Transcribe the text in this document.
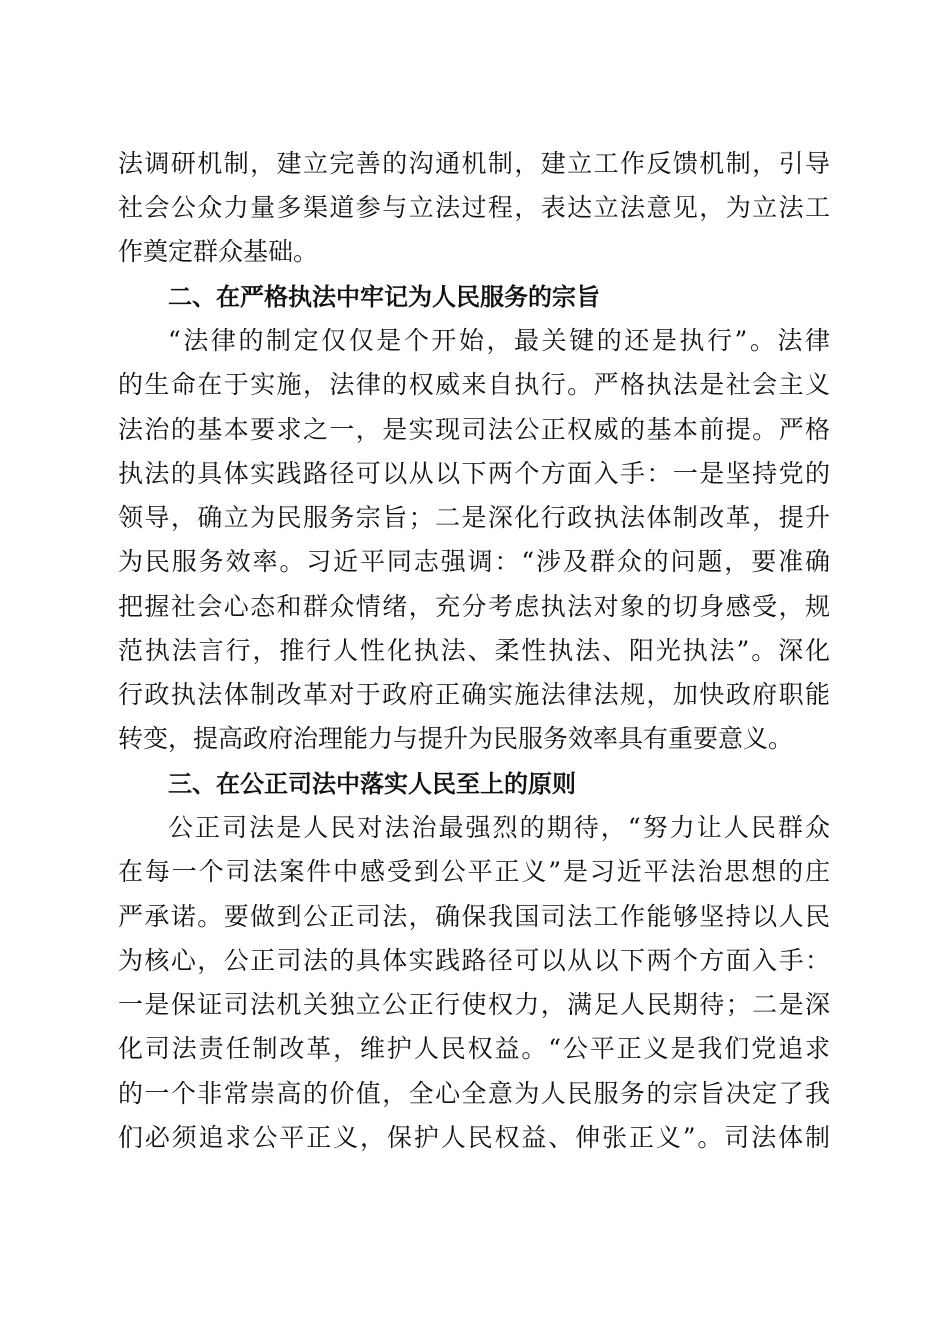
法调研机制，建立完善的沟通机制，建立工作反馈机制，引导
社会公众力量多渠道参与立法过程，表达立法意见，为立法工
作奠定群众基础。
二、在严格执法中牢记为人民服务的宗旨
“法律的制定仅仅是个开始，最关键的还是执行”。法律
的生命在于实施，法律的权威来自执行。严格执法是社会主义
法治的基本要求之一，是实现司法公正权威的基本前提。严格
执法的具体实践路径可以从以下两个方面入手：一是坚持党的
领导，确立为民服务宗旨；二是深化行政执法体制改革，提升
为民服务效率。习近平同志强调：“涉及群众的问题，要准确
把握社会心态和群众情绪，充分考虑执法对象的切身感受，规
范执法言行，推行人性化执法、柔性执法、阳光执法”。深化
行政执法体制改革对于政府正确实施法律法规，加快政府职能
转变，提高政府治理能力与提升为民服务效率具有重要意义。
三、在公正司法中落实人民至上的原则
公正司法是人民对法治最强烈的期待，“努力让人民群众
在每一个司法案件中感受到公平正义”是习近平法治思想的庄
严承诺。要做到公正司法，确保我国司法工作能够坚持以人民
为核心，公正司法的具体实践路径可以从以下两个方面入手：
一是保证司法机关独立公正行使权力，满足人民期待；二是深
化司法责任制改革，维护人民权益。“公平正义是我们党追求
的一个非常崇高的价值，全心全意为人民服务的宗旨决定了我
们必须追求公平正义，保护人民权益、伸张正义”。司法体制
